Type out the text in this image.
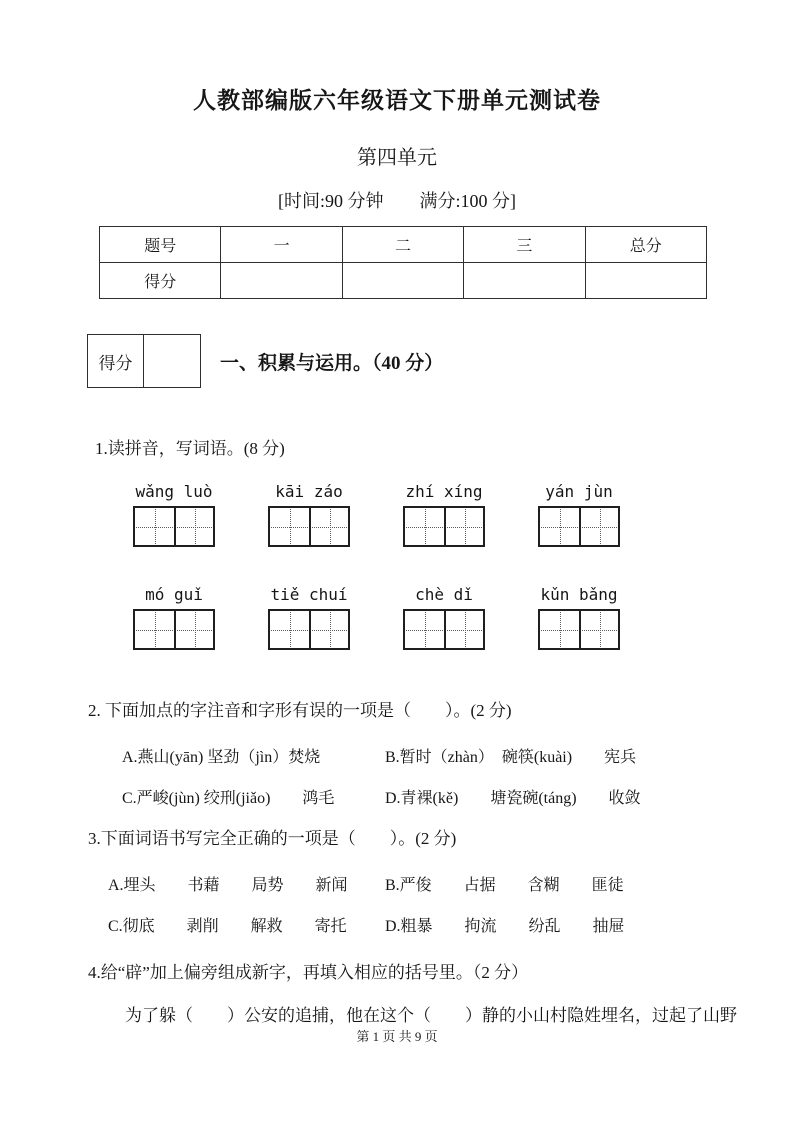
人教部编版六年级语文下册单元测试卷
第四单元
[时间:90 分钟　　满分:100 分]
题号	一	二	三	总分
得分				
得分	一、积累与运用。（40 分）
1.读拼音，写词语。(8 分)
wǎng luò	kāi záo	zhí xíng	yán jùn
mó guǐ	tiě chuí	chè dǐ	kǔn bǎng
2. 下面加点的字注音和字形有误的一项是（　　）。(2 分)
A.燕山(yān) 坚劲（jìn）焚烧	B.暂时（zhàn）　碗筷(kuài)　　宪兵
C.严峻(jùn) 绞刑(jiǎo)　　鸿毛	D.青裸(kě)　　塘瓷碗(táng)　　收敛
3.下面词语书写完全正确的一项是（　　）。(2 分)
A.埋头　　书藉　　局势　　新闻	B.严俊　　占据　　含糊　　匪徒
C.彻底　　剥削　　解救　　寄托	D.粗暴　　拘流　　纷乱　　抽屉
4.给“辟”加上偏旁组成新字，再填入相应的括号里。（2 分）
为了躲（　　）公安的追捕，他在这个（　　）静的小山村隐姓埋名，过起了山野
第 1 页 共 9 页
